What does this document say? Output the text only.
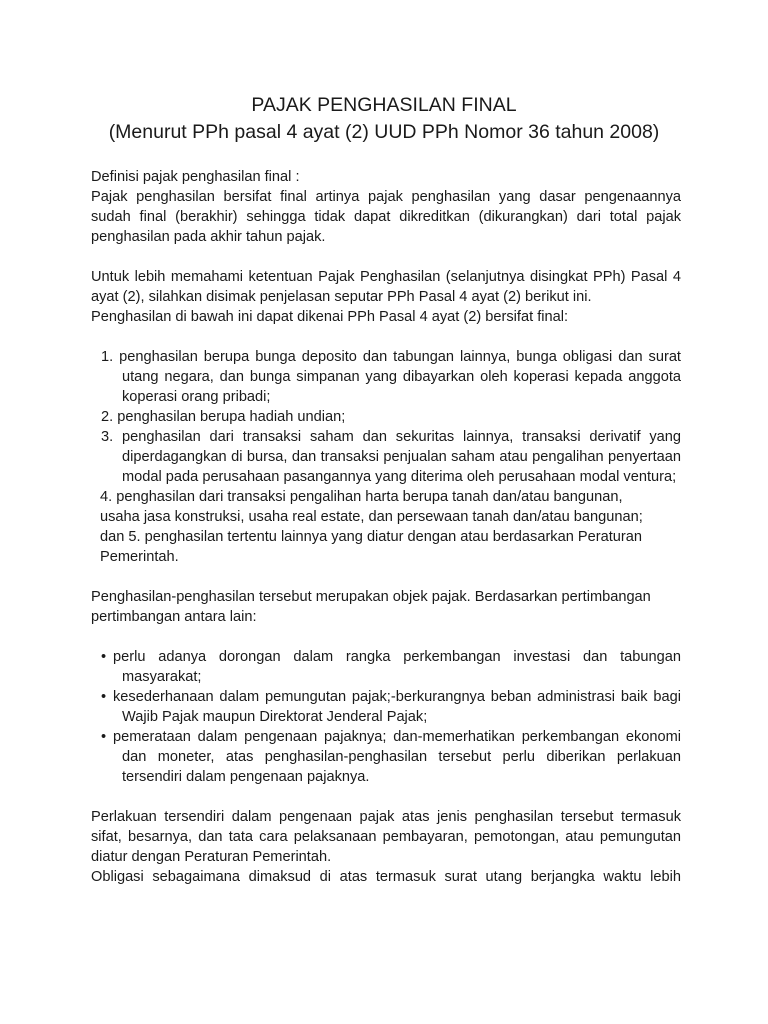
PAJAK PENGHASILAN FINAL
(Menurut PPh pasal 4 ayat (2) UUD PPh Nomor 36 tahun 2008)

Definisi pajak penghasilan final :

Pajak penghasilan bersifat final artinya pajak penghasilan yang dasar pengenaannya sudah final (berakhir) sehingga tidak dapat dikreditkan (dikurangkan) dari total pajak penghasilan pada akhir tahun pajak.

Untuk lebih memahami ketentuan Pajak Penghasilan (selanjutnya disingkat PPh) Pasal 4 ayat (2), silahkan disimak penjelasan seputar PPh Pasal 4 ayat (2) berikut ini.

Penghasilan di bawah ini dapat dikenai PPh Pasal 4 ayat (2) bersifat final:

1. penghasilan berupa bunga deposito dan tabungan lainnya, bunga obligasi dan surat utang negara, dan bunga simpanan yang dibayarkan oleh koperasi kepada anggota koperasi orang pribadi;

2. penghasilan berupa hadiah undian;

3. penghasilan dari transaksi saham dan sekuritas lainnya, transaksi derivatif yang diperdagangkan di bursa, dan transaksi penjualan saham atau pengalihan penyertaan modal pada perusahaan pasangannya yang diterima oleh perusahaan modal ventura;

4. penghasilan dari transaksi pengalihan harta berupa tanah dan/atau bangunan,

usaha jasa konstruksi, usaha real estate, dan persewaan tanah dan/atau bangunan;

dan 5. penghasilan tertentu lainnya yang diatur dengan atau berdasarkan Peraturan

Pemerintah.

Penghasilan-penghasilan tersebut merupakan objek pajak. Berdasarkan pertimbangan pertimbangan antara lain:

• perlu adanya dorongan dalam rangka perkembangan investasi dan tabungan masyarakat;

• kesederhanaan dalam pemungutan pajak;-berkurangnya beban administrasi baik bagi Wajib Pajak maupun Direktorat Jenderal Pajak;

• pemerataan dalam pengenaan pajaknya; dan-memerhatikan perkembangan ekonomi dan moneter, atas penghasilan-penghasilan tersebut perlu diberikan perlakuan tersendiri dalam pengenaan pajaknya.

Perlakuan tersendiri dalam pengenaan pajak atas jenis penghasilan tersebut termasuk sifat, besarnya, dan tata cara pelaksanaan pembayaran, pemotongan, atau pemungutan diatur dengan Peraturan Pemerintah.

Obligasi sebagaimana dimaksud di atas termasuk surat utang berjangka waktu lebih
